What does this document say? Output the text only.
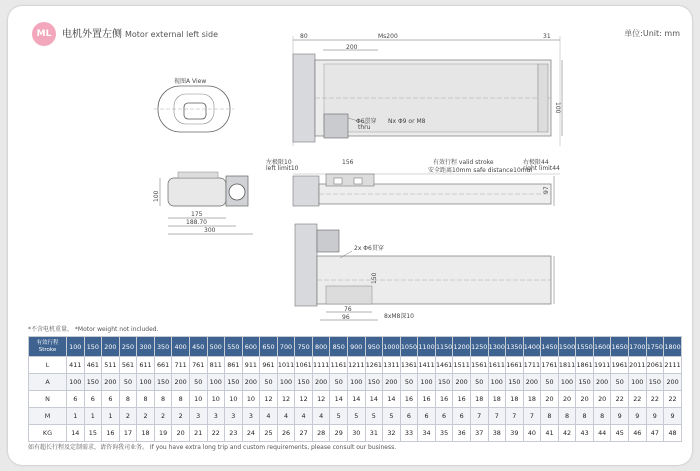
ML	电机外置左侧 Motor external left side	单位:Unit: mm
视图A View
80	Ms200	31
200
100
Φ6贯穿
thru
Nx Φ9 or M8
100
175
188.70
300
左极限10
left limit10
156	有效行程 valid stroke
安全距离10mm safe distance10mm
右极限44
right limit44
97
2x Φ6贯穿
150
76
96	8xM8深10
*不含电机重量。 *Motor weight not included.
有效行程
Stroke	100	150	200	250	300	350	400	450	500	550	600	650	700	750	800	850	900	950	1000	1050	1100	1150	1200	1250	1300	1350	1400	1450	1500	1550	1600	1650	1700	1750	1800
L	411	461	511	561	611	661	711	761	811	861	911	961	1011	1061	1111	1161	1211	1261	1311	1361	1411	1461	1511	1561	1611	1661	1711	1761	1811	1861	1911	1961	2011	2061	2111
A	100	150	200	50	100	150	200	50	100	150	200	50	100	150	200	50	100	150	200	50	100	150	200	50	100	150	200	50	100	150	200	50	100	150	200
N	6	6	6	8	8	8	8	10	10	10	10	12	12	12	12	14	14	14	14	16	16	16	16	18	18	18	18	20	20	20	20	22	22	22	22
M	1	1	1	2	2	2	2	3	3	3	3	4	4	4	4	5	5	5	5	6	6	6	6	7	7	7	7	8	8	8	8	9	9	9	9
KG	14	15	16	17	18	19	20	21	22	23	24	25	26	27	28	29	30	31	32	33	34	35	36	37	38	39	40	41	42	43	44	45	46	47	48
如有超长行程及定制需求，请咨询我司业务。 If you have extra long trip and custom requirements, please consult our business.
